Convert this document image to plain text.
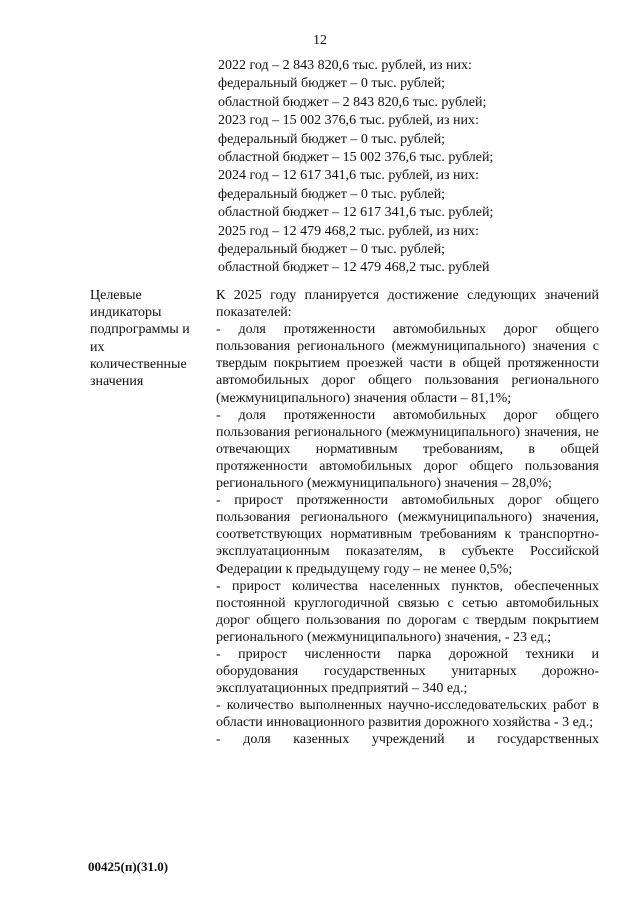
12
2022 год – 2 843 820,6 тыс. рублей, из них:
федеральный бюджет – 0 тыс. рублей;
областной бюджет – 2 843 820,6 тыс. рублей;
2023 год – 15 002 376,6 тыс. рублей, из них:
федеральный бюджет – 0 тыс. рублей;
областной бюджет – 15 002 376,6 тыс. рублей;
2024 год – 12 617 341,6 тыс. рублей, из них:
федеральный бюджет – 0 тыс. рублей;
областной бюджет – 12 617 341,6 тыс. рублей;
2025 год – 12 479 468,2 тыс. рублей, из них:
федеральный бюджет – 0 тыс. рублей;
областной бюджет – 12 479 468,2 тыс. рублей
Целевые индикаторы подпрограммы и их количественные значения

К 2025 году планируется достижение следующих значений показателей:

- доля протяженности автомобильных дорог общего пользования регионального (межмуниципального) значения с твердым покрытием проезжей части в общей протяженности автомобильных дорог общего пользования регионального (межмуниципального) значения области – 81,1%;

- доля протяженности автомобильных дорог общего пользования регионального (межмуниципального) значения, не отвечающих нормативным требованиям, в общей протяженности автомобильных дорог общего пользования регионального (межмуниципального) значения – 28,0%;

- прирост протяженности автомобильных дорог общего пользования регионального (межмуниципального) значения, соответствующих нормативным требованиям к транспортно-эксплуатационным показателям, в субъекте Российской Федерации к предыдущему году – не менее 0,5%;

- прирост количества населенных пунктов, обеспеченных постоянной круглогодичной связью с сетью автомобильных дорог общего пользования по дорогам с твердым покрытием регионального (межмуниципального) значения, - 23 ед.;

- прирост численности парка дорожной техники и оборудования государственных унитарных дорожно-эксплуатационных предприятий – 340 ед.;

- количество выполненных научно-исследовательских работ в области инновационного развития дорожного хозяйства - 3 ед.;

- доля казенных учреждений и государственных

00425(п)(31.0)
